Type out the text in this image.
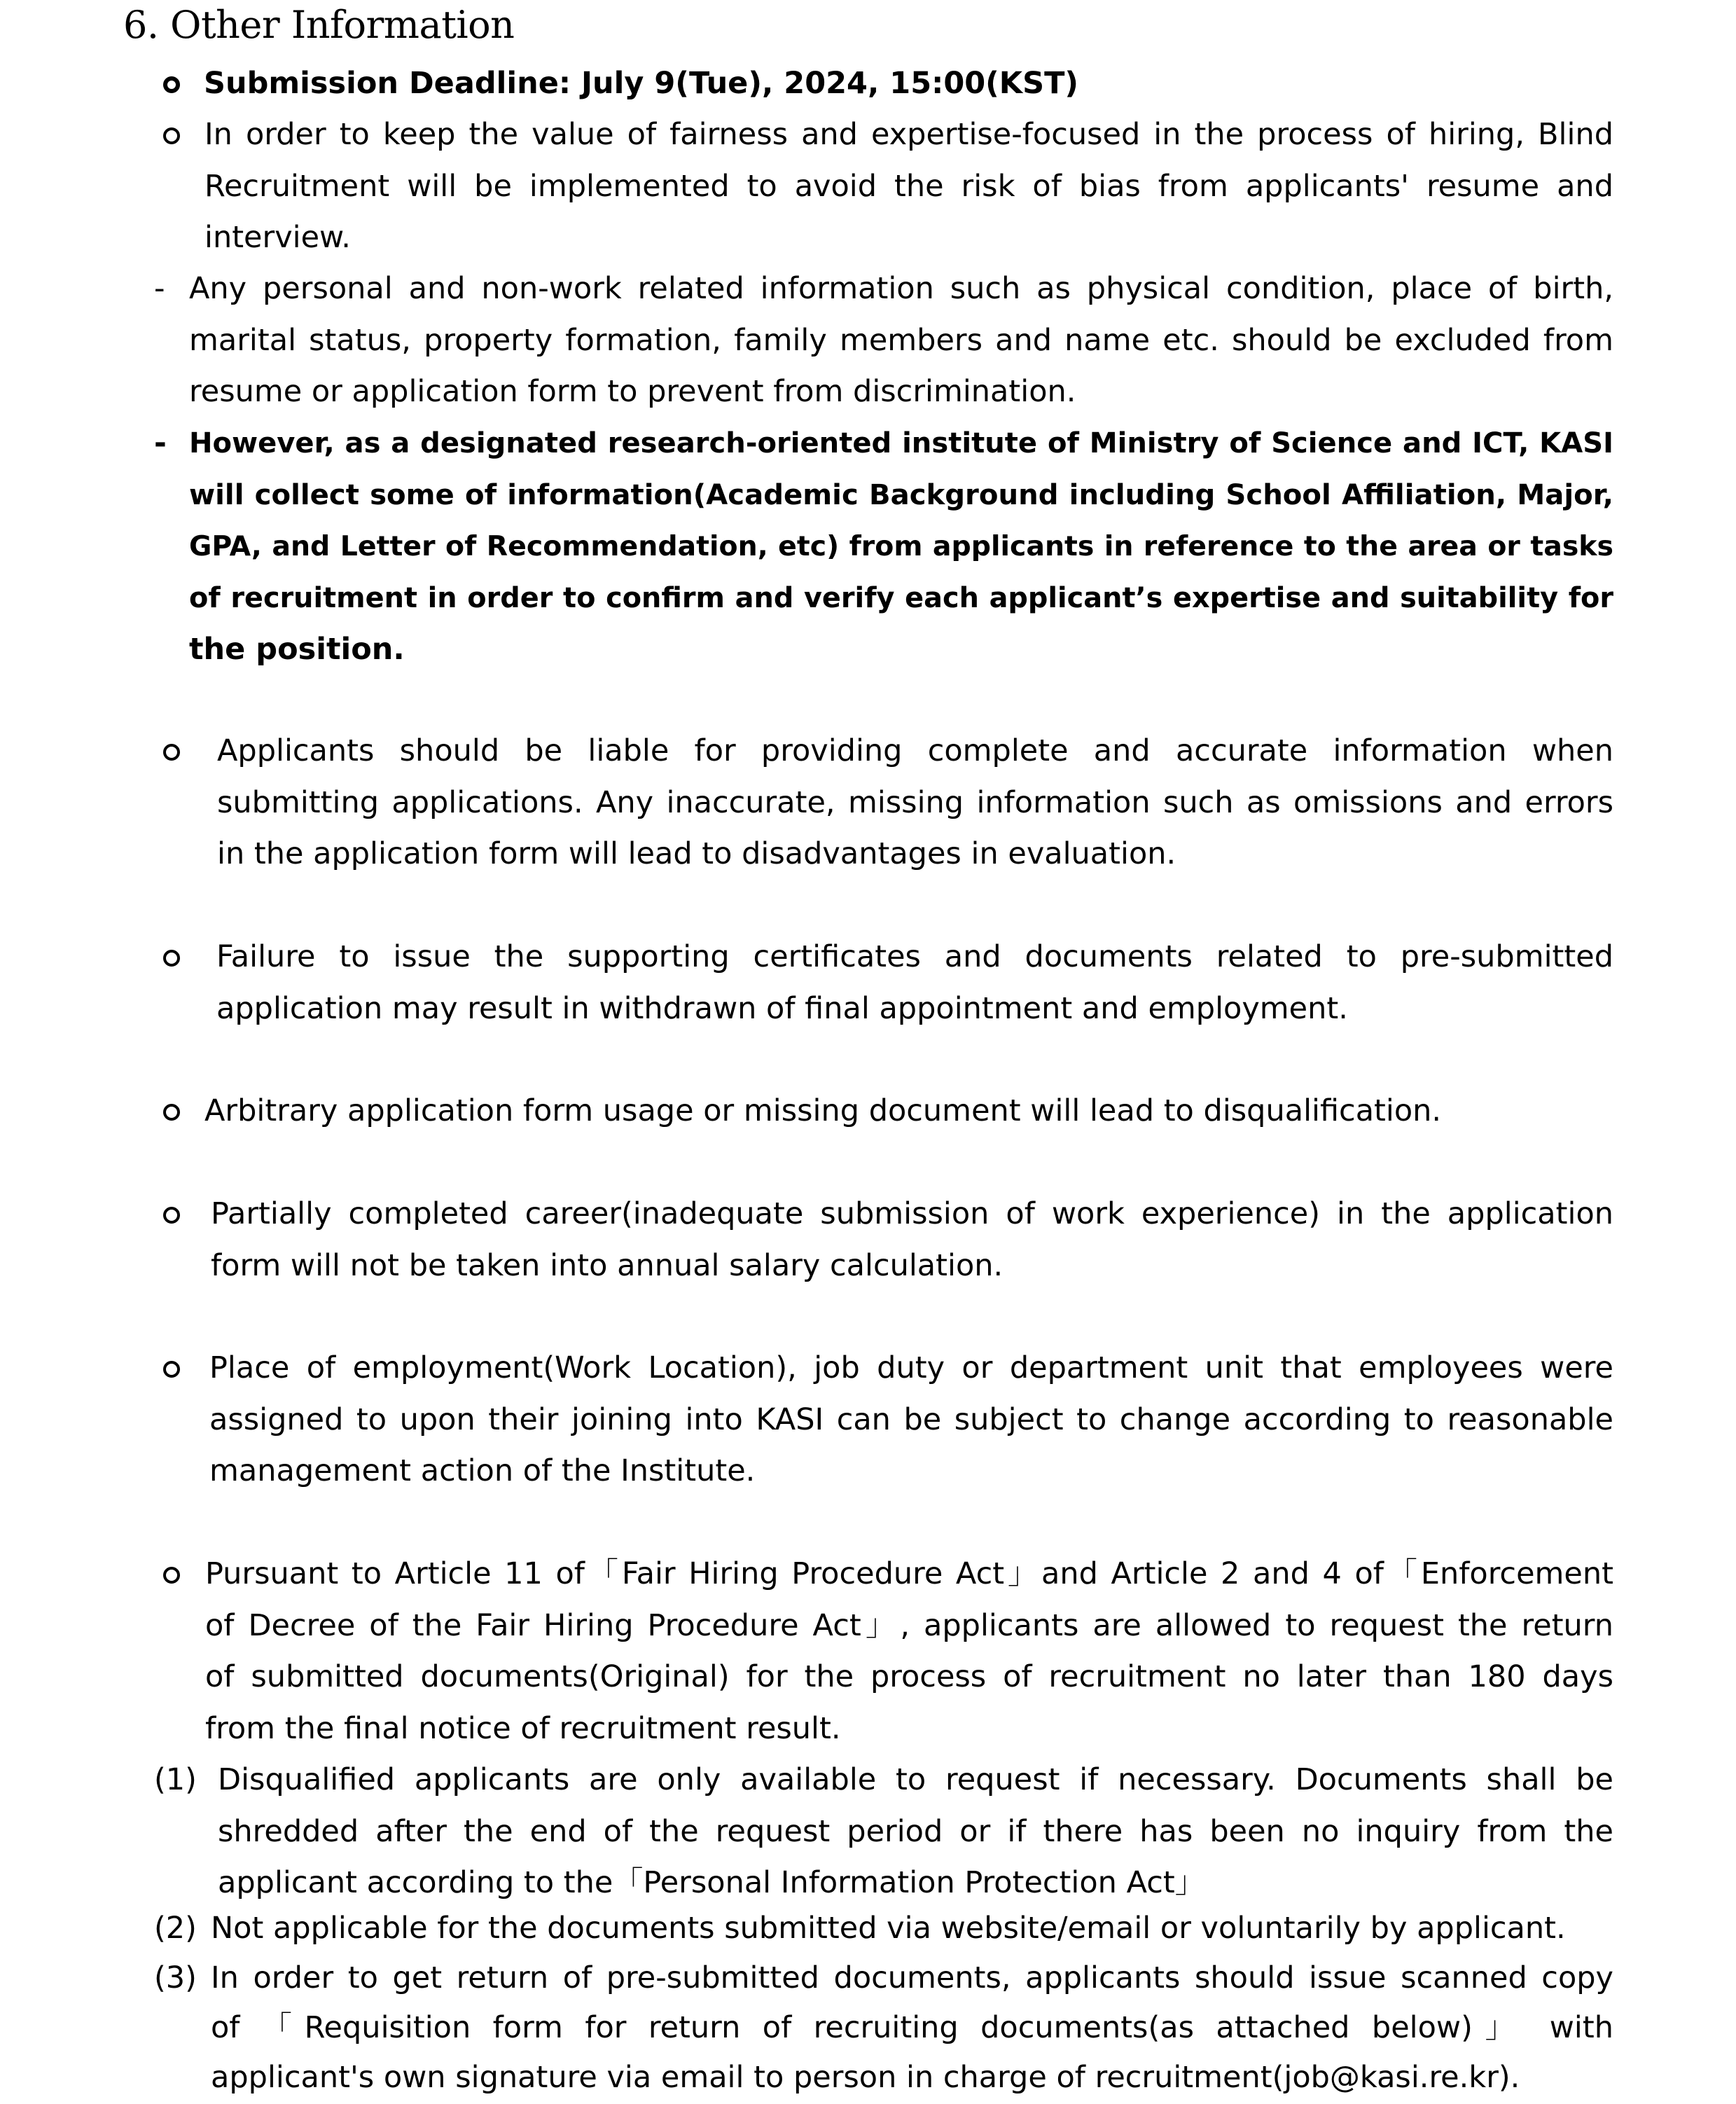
6. Other Information
Submission Deadline: July 9(Tue), 2024, 15:00(KST)
In order to keep the value of fairness and expertise-focused in the process of hiring, Blind
Recruitment will be implemented to avoid the risk of bias from applicants' resume and
interview.
- Any personal and non-work related information such as physical condition, place of birth,
marital status, property formation, family members and name etc. should be excluded from
resume or application form to prevent from discrimination.
- However, as a designated research-oriented institute of Ministry of Science and ICT, KASI
will collect some of information(Academic Background including School Affiliation, Major,
GPA, and Letter of Recommendation, etc) from applicants in reference to the area or tasks
of recruitment in order to confirm and verify each applicant’s expertise and suitability for
the position.
Applicants should be liable for providing complete and accurate information when
submitting applications. Any inaccurate, missing information such as omissions and errors
in the application form will lead to disadvantages in evaluation.
Failure to issue the supporting certificates and documents related to pre-submitted
application may result in withdrawn of final appointment and employment.
Arbitrary application form usage or missing document will lead to disqualification.
Partially completed career(inadequate submission of work experience) in the application
form will not be taken into annual salary calculation.
Place of employment(Work Location), job duty or department unit that employees were
assigned to upon their joining into KASI can be subject to change according to reasonable
management action of the Institute.
Pursuant to Article 11 of「Fair Hiring Procedure Act」and Article 2 and 4 of「Enforcement
of Decree of the Fair Hiring Procedure Act」, applicants are allowed to request the return
of submitted documents(Original) for the process of recruitment no later than 180 days
from the final notice of recruitment result.
(1) Disqualified applicants are only available to request if necessary. Documents shall be
shredded after the end of the request period or if there has been no inquiry from the
applicant according to the「Personal Information Protection Act」
(2) Not applicable for the documents submitted via website/email or voluntarily by applicant.
(3) In order to get return of pre-submitted documents, applicants should issue scanned copy
of 「Requisition form for return of recruiting documents(as attached below)」 with
applicant's own signature via email to person in charge of recruitment(job@kasi.re.kr).
